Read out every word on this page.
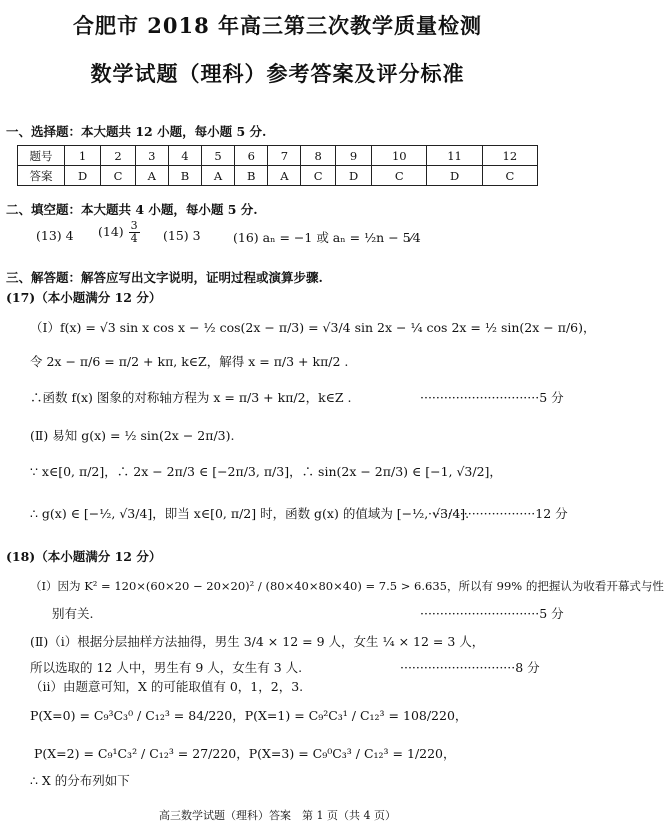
合肥市 2018 年高三第三次教学质量检测
数学试题（理科）参考答案及评分标准
一、选择题：本大题共 12 小题，每小题 5 分.
题号	1	2	3	4	5	6	7	8	9	10	11	12
答案	D	C	A	B	A	B	A	C	D	C	D	C
二、填空题：本大题共 4 小题，每小题 5 分.
(13) 4 $(14) \frac{3}{4} (15)$ 3	(16) aₙ = −1 或 aₙ = ½n − 5⁄4
三、解答题：解答应写出文字说明，证明过程或演算步骤.
(17)（本小题满分 12 分）
（Ⅰ）f(x) = √3 sin x cos x − ½ cos(2x − π/3) = √3/4 sin 2x − ¼ cos 2x = ½ sin(2x − π/6)，
令 2x − π/6 = π/2 + kπ, k∈Z，解得 x = π/3 + kπ/2 .
∴函数 f(x) 图象的对称轴方程为 x = π/3 + kπ/2，k∈Z .	······························5 分
(Ⅱ) 易知 g(x) = ½ sin(2x − 2π/3).
∵ x∈[0, π/2]，∴ 2x − 2π/3 ∈ [−2π/3, π/3]，∴ sin(2x − 2π/3) ∈ [−1, √3/2]，
∴ g(x) ∈ [−½, √3/4]，即当 x∈[0, π/2] 时，函数 g(x) 的值域为 [−½, √3/4].
···························12 分
(18)（本小题满分 12 分）
（Ⅰ）因为 K² = 120×(60×20 − 20×20)² / (80×40×80×40) = 7.5 > 6.635，所以有 99% 的把握认为收看开幕式与性
别有关.	······························5 分
(Ⅱ)（ⅰ）根据分层抽样方法抽得，男生 3/4 × 12 = 9 人，女生 ¼ × 12 = 3 人，
所以选取的 12 人中，男生有 9 人，女生有 3 人.	·····························8 分
（ⅱ）由题意可知，X 的可能取值有 0，1，2，3.
P(X=0) = C₉³C₃⁰ / C₁₂³ = 84/220，P(X=1) = C₉²C₃¹ / C₁₂³ = 108/220，
P(X=2) = C₉¹C₃² / C₁₂³ = 27/220，P(X=3) = C₉⁰C₃³ / C₁₂³ = 1/220，
∴ X 的分布列如下
高三数学试题（理科）答案　第 1 页（共 4 页）
